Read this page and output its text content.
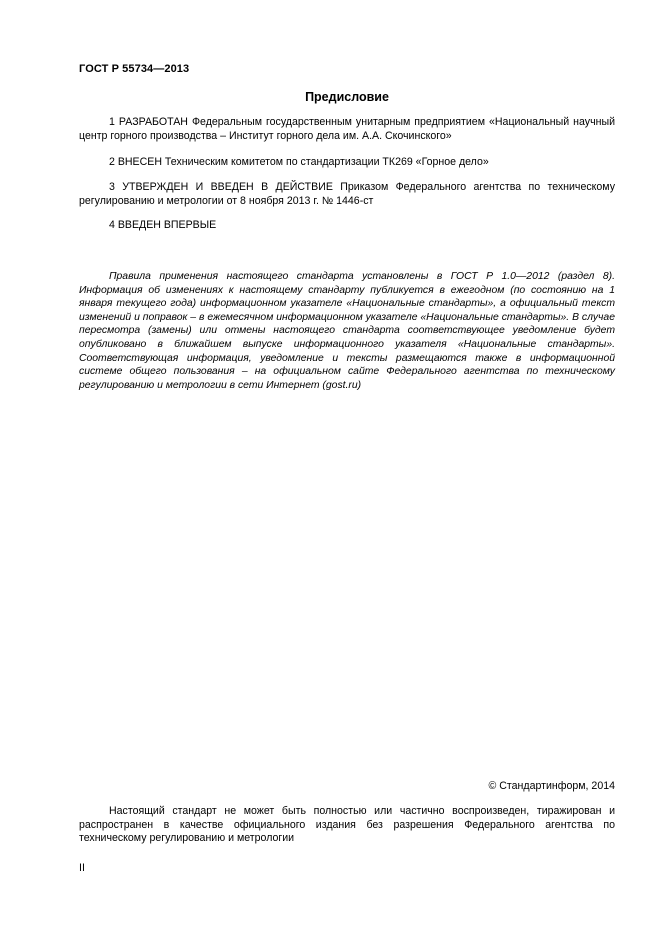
ГОСТ Р 55734—2013
Предисловие
1 РАЗРАБОТАН Федеральным государственным унитарным предприятием «Национальный научный центр горного производства – Институт горного дела им. А.А. Скочинского»
2 ВНЕСЕН Техническим комитетом по стандартизации ТК269 «Горное дело»
3 УТВЕРЖДЕН И ВВЕДЕН В ДЕЙСТВИЕ Приказом Федерального агентства по техническому регулированию и метрологии от 8 ноября 2013 г. № 1446-ст
4 ВВЕДЕН ВПЕРВЫЕ
Правила применения настоящего стандарта установлены в ГОСТ Р 1.0—2012 (раздел 8). Информация об изменениях к настоящему стандарту публикуется в ежегодном (по состоянию на 1 января текущего года) информационном указателе «Национальные стандарты», а официальный текст изменений и поправок – в ежемесячном информационном указателе «Национальные стандарты». В случае пересмотра (замены) или отмены настоящего стандарта соответствующее уведомление будет опубликовано в ближайшем выпуске информационного указателя «Национальные стандарты». Соответствующая информация, уведомление и тексты размещаются также в информационной системе общего пользования – на официальном сайте Федерального агентства по техническому регулированию и метрологии в сети Интернет (gost.ru)
© Стандартинформ, 2014
Настоящий стандарт не может быть полностью или частично воспроизведен, тиражирован и распространен в качестве официального издания без разрешения Федерального агентства по техническому регулированию и метрологии
II
